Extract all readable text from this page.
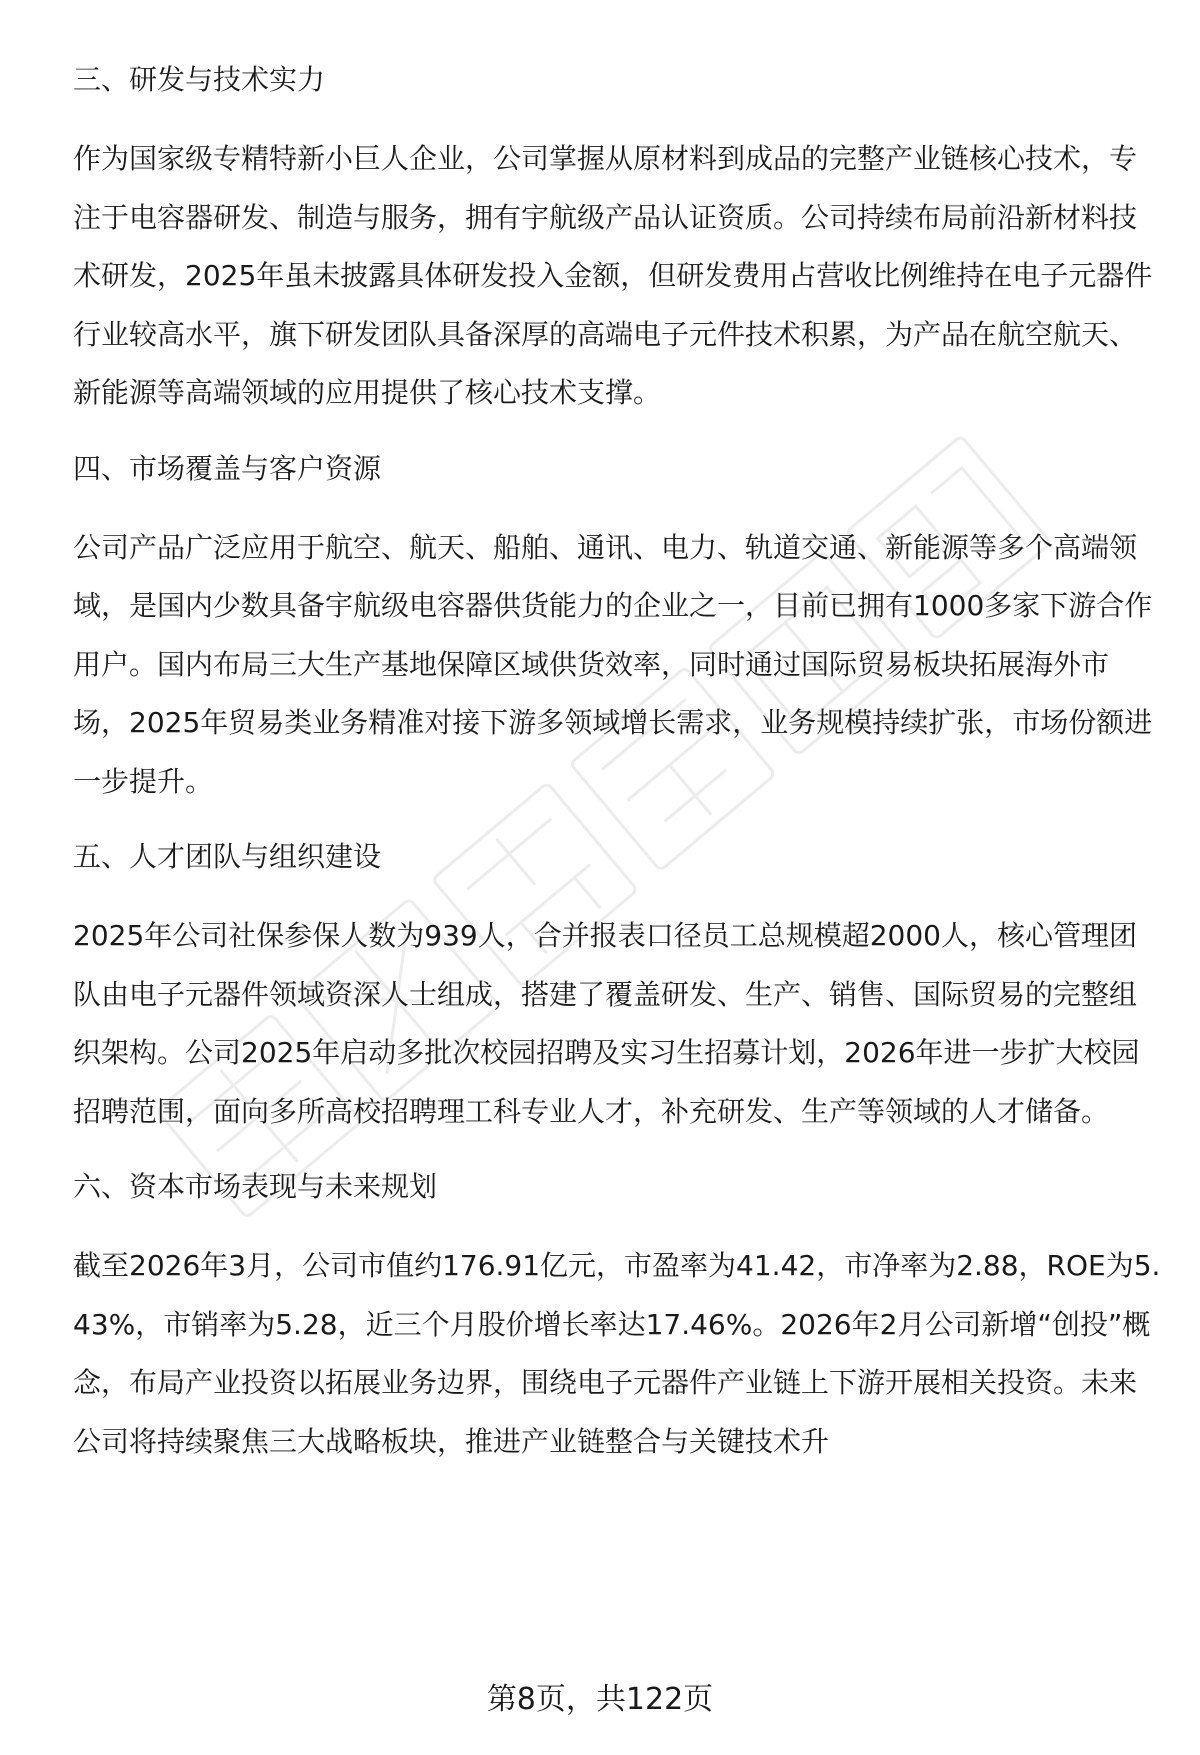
三、研发与技术实力

作为国家级专精特新小巨人企业，公司掌握从原材料到成品的完整产业链核心技术，专注于电容器研发、制造与服务，拥有宇航级产品认证资质。公司持续布局前沿新材料技术研发，2025年虽未披露具体研发投入金额，但研发费用占营收比例维持在电子元器件行业较高水平，旗下研发团队具备深厚的高端电子元件技术积累，为产品在航空航天、新能源等高端领域的应用提供了核心技术支撑。

四、市场覆盖与客户资源

公司产品广泛应用于航空、航天、船舶、通讯、电力、轨道交通、新能源等多个高端领域，是国内少数具备宇航级电容器供货能力的企业之一，目前已拥有1000多家下游合作用户。国内布局三大生产基地保障区域供货效率，同时通过国际贸易板块拓展海外市场，2025年贸易类业务精准对接下游多领域增长需求，业务规模持续扩张，市场份额进一步提升。

五、人才团队与组织建设

2025年公司社保参保人数为939人，合并报表口径员工总规模超2000人，核心管理团队由电子元器件领域资深人士组成，搭建了覆盖研发、生产、销售、国际贸易的完整组织架构。公司2025年启动多批次校园招聘及实习生招募计划，2026年进一步扩大校园招聘范围，面向多所高校招聘理工科专业人才，补充研发、生产等领域的人才储备。

六、资本市场表现与未来规划

截至2026年3月，公司市值约176.91亿元，市盈率为41.42，市净率为2.88，ROE为5.43%，市销率为5.28，近三个月股价增长率达17.46%。2026年2月公司新增“创投”概念，布局产业投资以拓展业务边界，围绕电子元器件产业链上下游开展相关投资。未来公司将持续聚焦三大战略板块，推进产业链整合与关键技术升

第8页，共122页
